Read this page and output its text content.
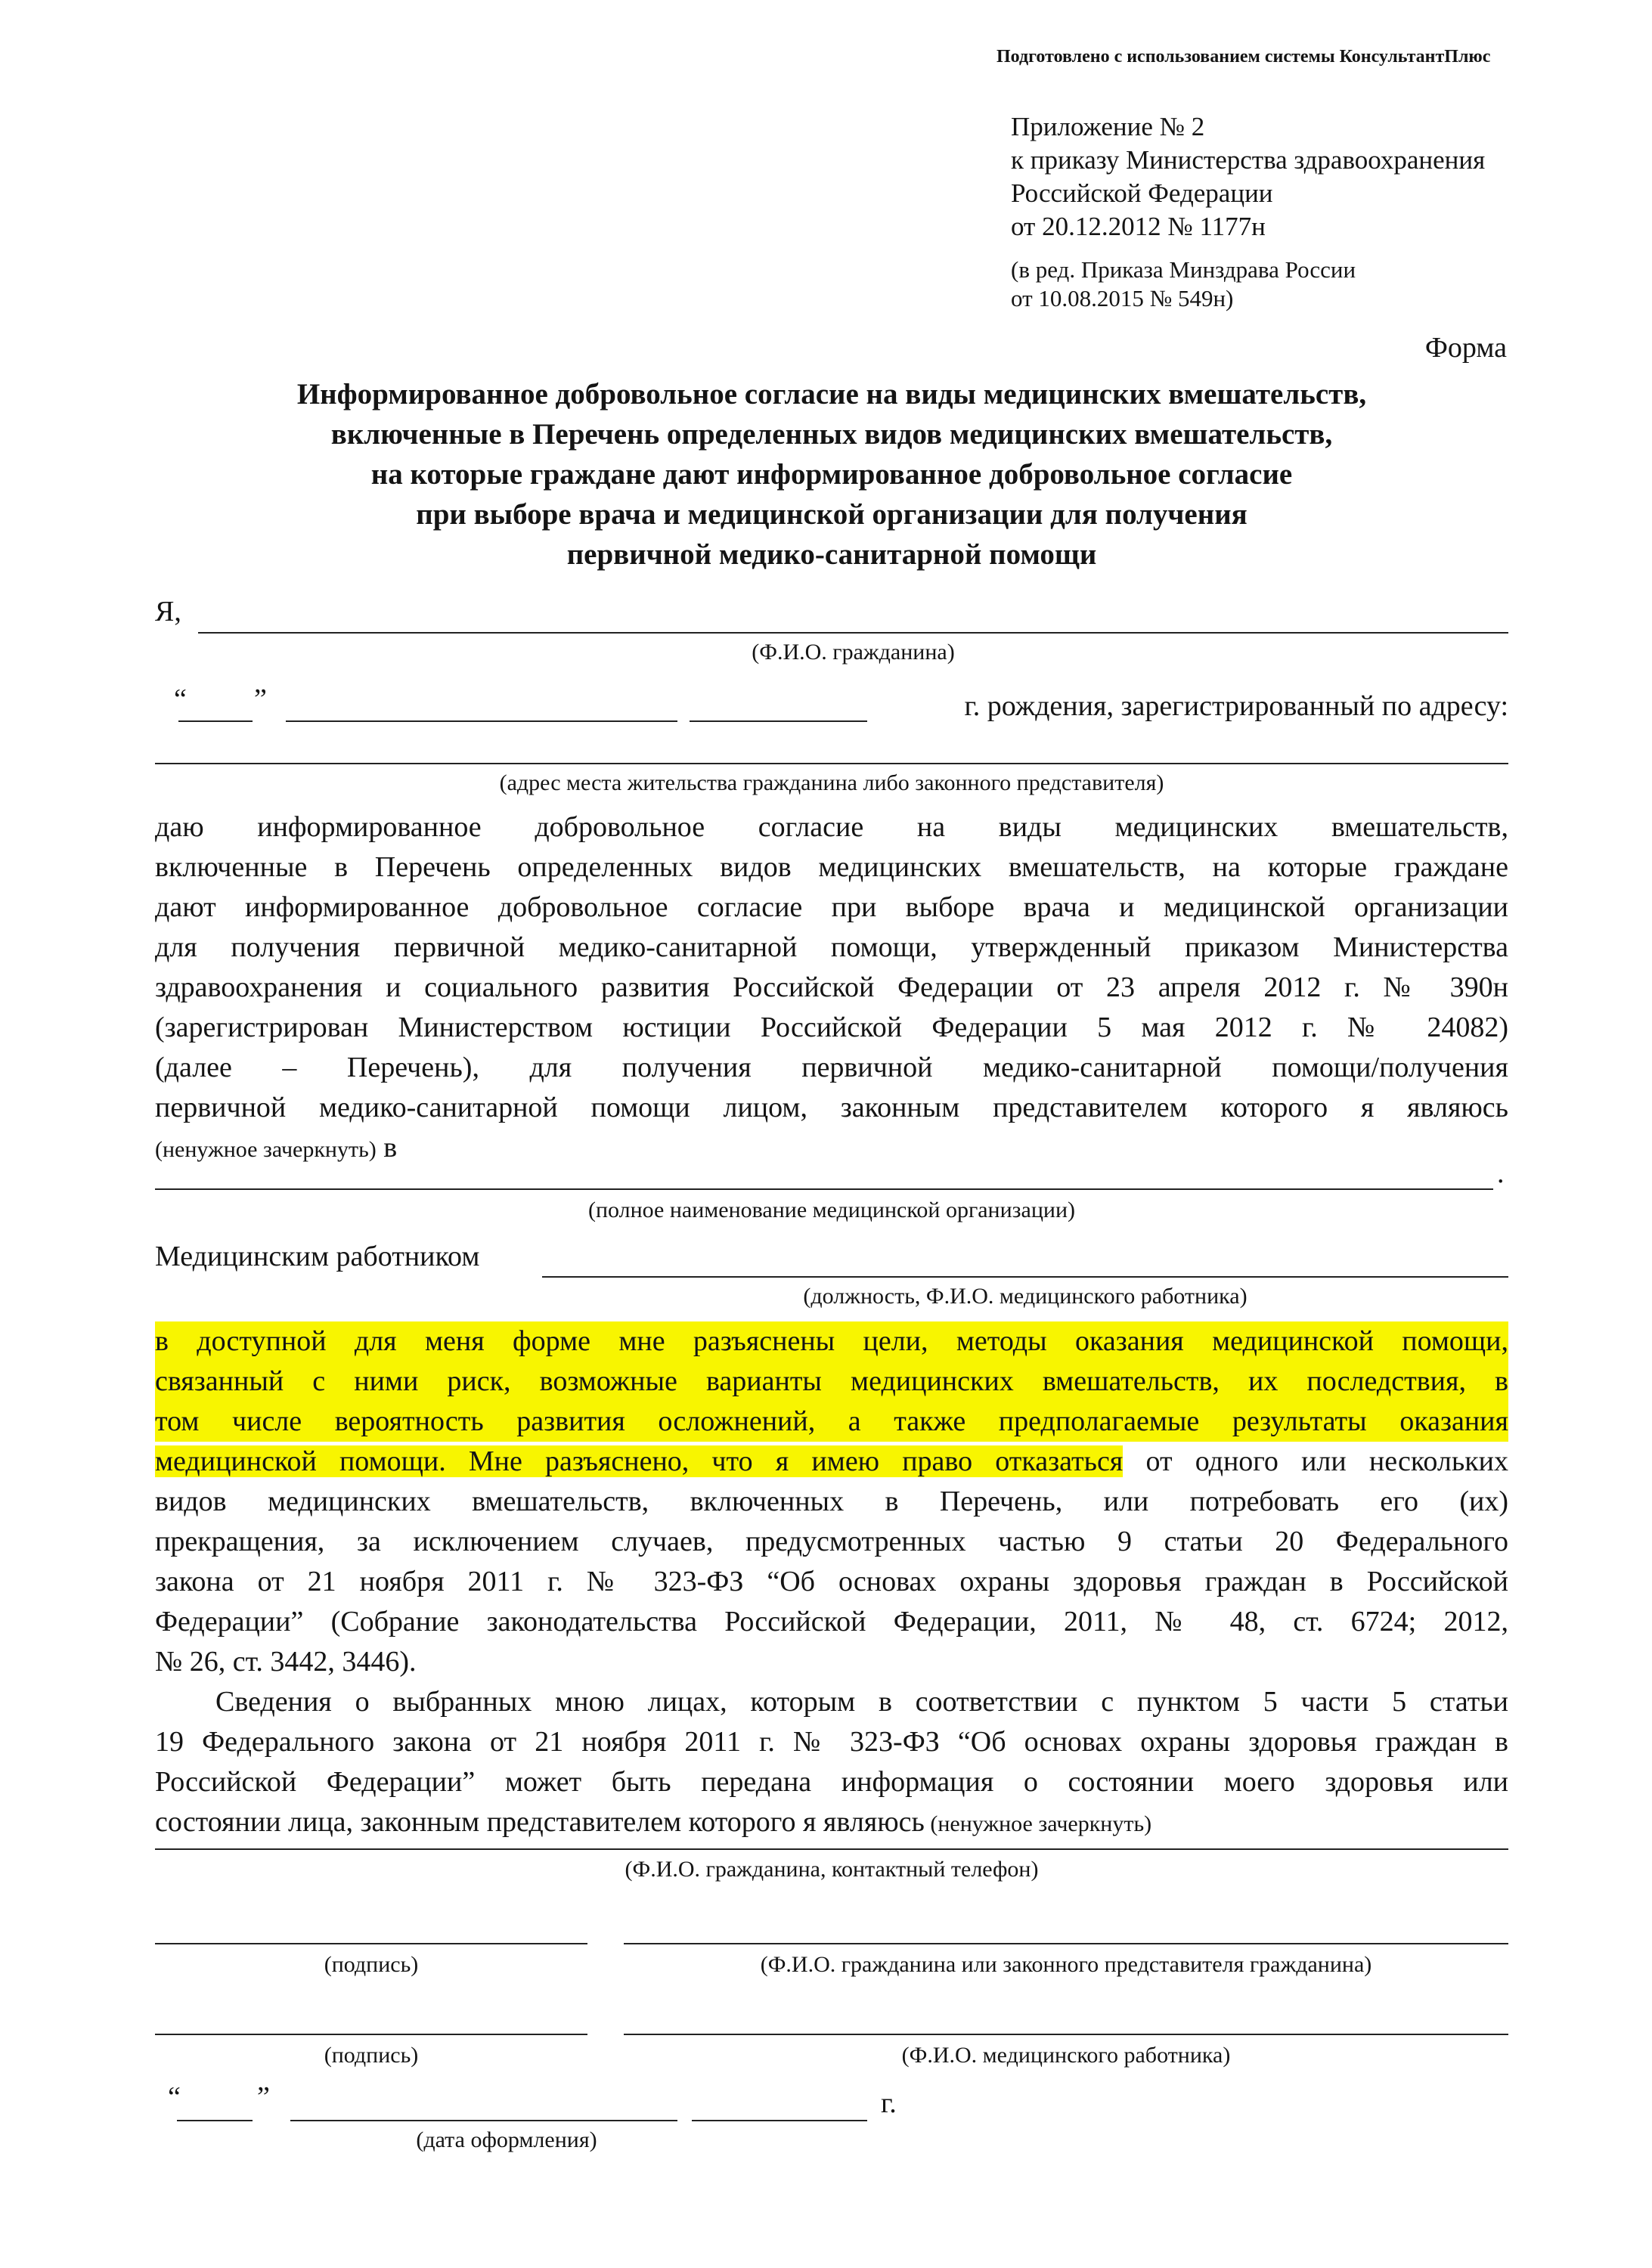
Подготовлено с использованием системы КонсультантПлюс
Приложение № 2
к приказу Министерства здравоохранения
Российской Федерации
от 20.12.2012 № 1177н
(в ред. Приказа Минздрава России
от 10.08.2015 № 549н)
Форма
Информированное добровольное согласие на виды медицинских вмешательств,
включенные в Перечень определенных видов медицинских вмешательств,
на которые граждане дают информированное добровольное согласие
при выборе врача и медицинской организации для получения
первичной медико-санитарной помощи
Я,
(Ф.И.О. гражданина)
“ ”	г. рождения, зарегистрированный по адресу:
(адрес места жительства гражданина либо законного представителя)
даю информированное добровольное согласие на виды медицинских вмешательств,
включенные в Перечень определенных видов медицинских вмешательств, на которые граждане
дают информированное добровольное согласие при выборе врача и медицинской организации
для получения первичной медико-санитарной помощи, утвержденный приказом Министерства
здравоохранения и социального развития Российской Федерации от 23 апреля 2012 г. № 390н
(зарегистрирован Министерством юстиции Российской Федерации 5 мая 2012 г. № 24082)
(далее – Перечень), для получения первичной медико-санитарной помощи/получения
первичной медико-санитарной помощи лицом, законным представителем которого я являюсь
(ненужное зачеркнуть) в
.
(полное наименование медицинской организации)
Медицинским работником
(должность, Ф.И.О. медицинского работника)
в доступной для меня форме мне разъяснены цели, методы оказания медицинской помощи,
связанный с ними риск, возможные варианты медицинских вмешательств, их последствия, в
том числе вероятность развития осложнений, а также предполагаемые результаты оказания
медицинской помощи. Мне разъяснено, что я имею право отказаться от одного или нескольких
видов медицинских вмешательств, включенных в Перечень, или потребовать его (их)
прекращения, за исключением случаев, предусмотренных частью 9 статьи 20 Федерального
закона от 21 ноября 2011 г. № 323-ФЗ “Об основах охраны здоровья граждан в Российской
Федерации” (Собрание законодательства Российской Федерации, 2011, № 48, ст. 6724; 2012,
№ 26, ст. 3442, 3446).
Сведения о выбранных мною лицах, которым в соответствии с пунктом 5 части 5 статьи
19 Федерального закона от 21 ноября 2011 г. № 323-ФЗ “Об основах охраны здоровья граждан в
Российской Федерации” может быть передана информация о состоянии моего здоровья или
состоянии лица, законным представителем которого я являюсь (ненужное зачеркнуть)
(Ф.И.О. гражданина, контактный телефон)
(подпись)	(Ф.И.О. гражданина или законного представителя гражданина)
(подпись)	(Ф.И.О. медицинского работника)
“	”	г.
(дата оформления)
